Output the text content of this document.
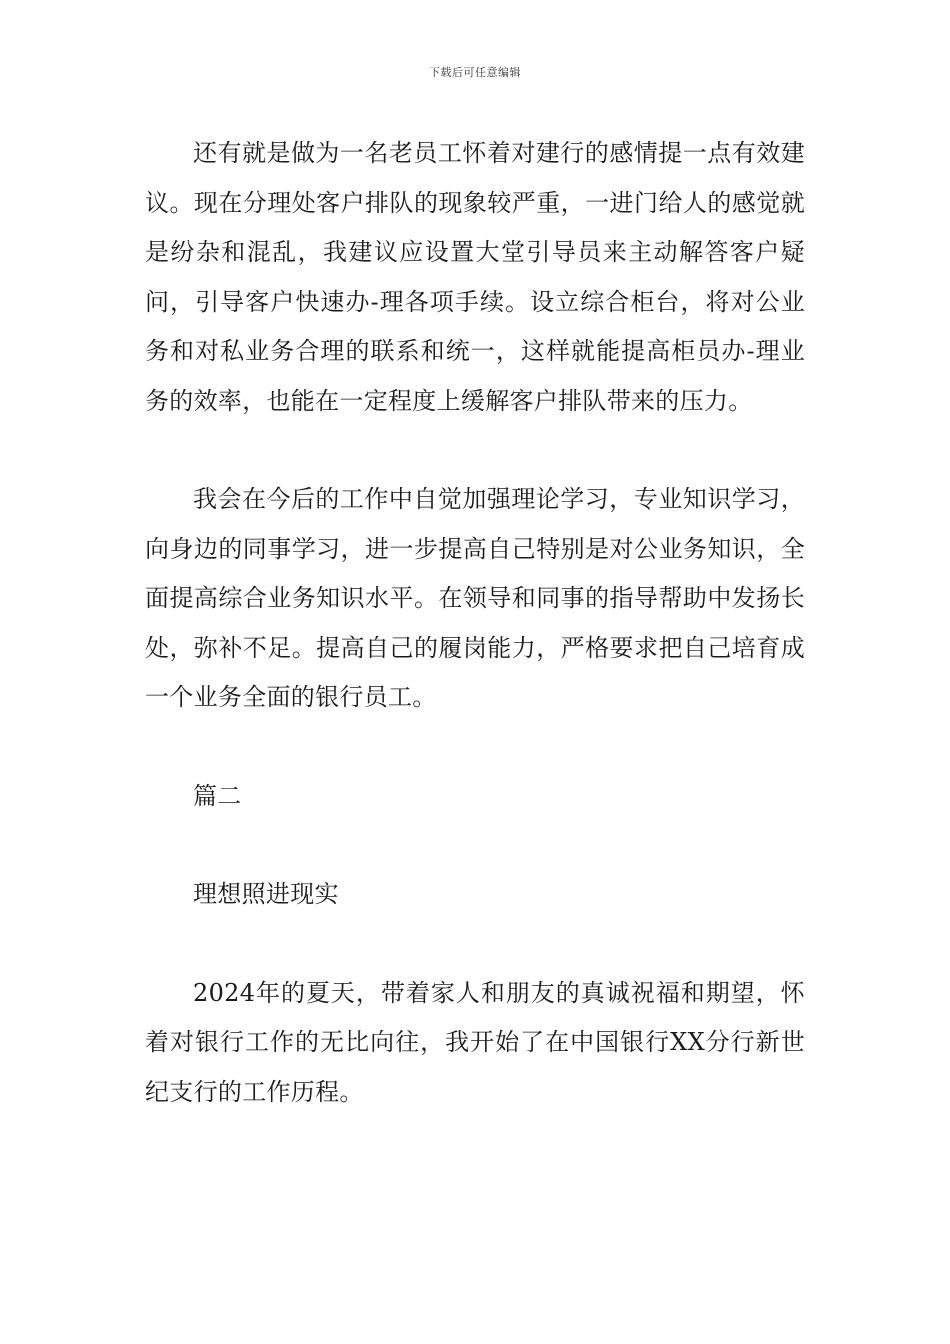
下载后可任意编辑

还有就是做为一名老员工怀着对建行的感情提一点有效建议。现在分理处客户排队的现象较严重，一进门给人的感觉就是纷杂和混乱，我建议应设置大堂引导员来主动解答客户疑问，引导客户快速办-理各项手续。设立综合柜台，将对公业务和对私业务合理的联系和统一，这样就能提高柜员办-理业务的效率，也能在一定程度上缓解客户排队带来的压力。

我会在今后的工作中自觉加强理论学习，专业知识学习，向身边的同事学习，进一步提高自己特别是对公业务知识，全面提高综合业务知识水平。在领导和同事的指导帮助中发扬长处，弥补不足。提高自己的履岗能力，严格要求把自己培育成一个业务全面的银行员工。

篇二

理想照进现实

2024年的夏天，带着家人和朋友的真诚祝福和期望，怀着对银行工作的无比向往，我开始了在中国银行XX分行新世纪支行的工作历程。
